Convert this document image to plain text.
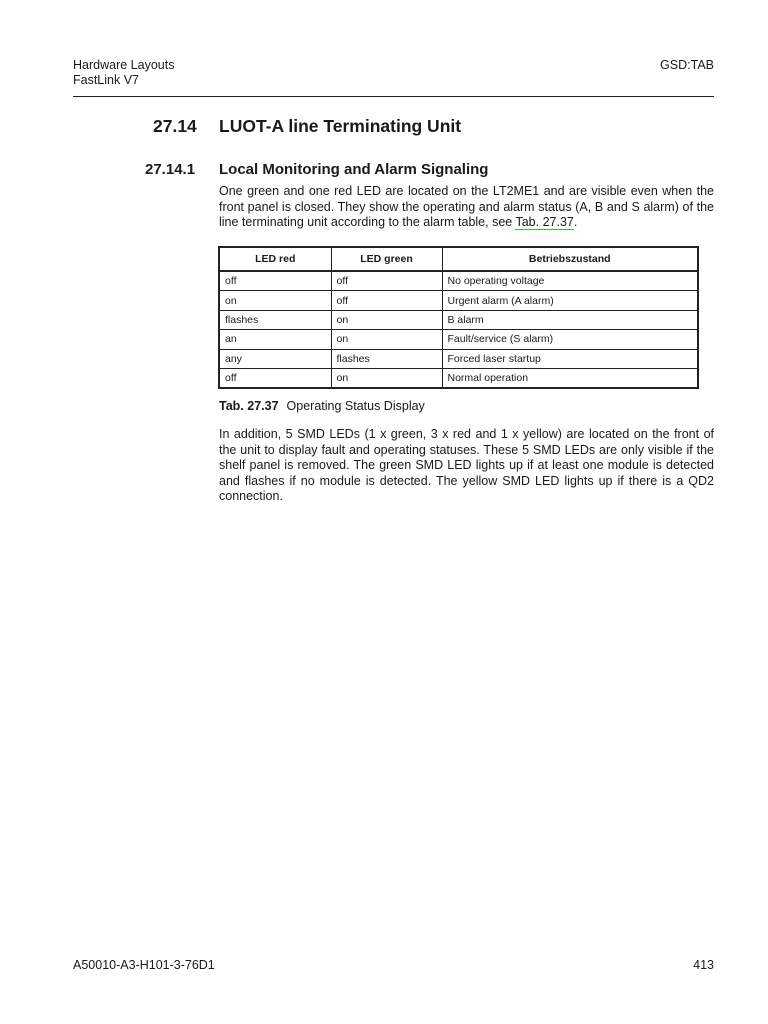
Hardware Layouts
FastLink V7
GSD:TAB
27.14 LUOT-A line Terminating Unit
27.14.1 Local Monitoring and Alarm Signaling

One green and one red LED are located on the LT2ME1 and are visible even when the front panel is closed. They show the operating and alarm status (A, B and S alarm) of the line terminating unit according to the alarm table, see Tab. 27.37.

LED red	LED green	Betriebszustand
off	off	No operating voltage
on	off	Urgent alarm (A alarm)
flashes	on	B alarm
an	on	Fault/service (S alarm)
any	flashes	Forced laser startup
off	on	Normal operation
Tab. 27.37 Operating Status Display

In addition, 5 SMD LEDs (1 x green, 3 x red and 1 x yellow) are located on the front of the unit to display fault and operating statuses. These 5 SMD LEDs are only visible if the shelf panel is removed. The green SMD LED lights up if at least one module is detected and flashes if no module is detected. The yellow SMD LED lights up if there is a QD2 connection.

A50010-A3-H101-3-76D1	413
